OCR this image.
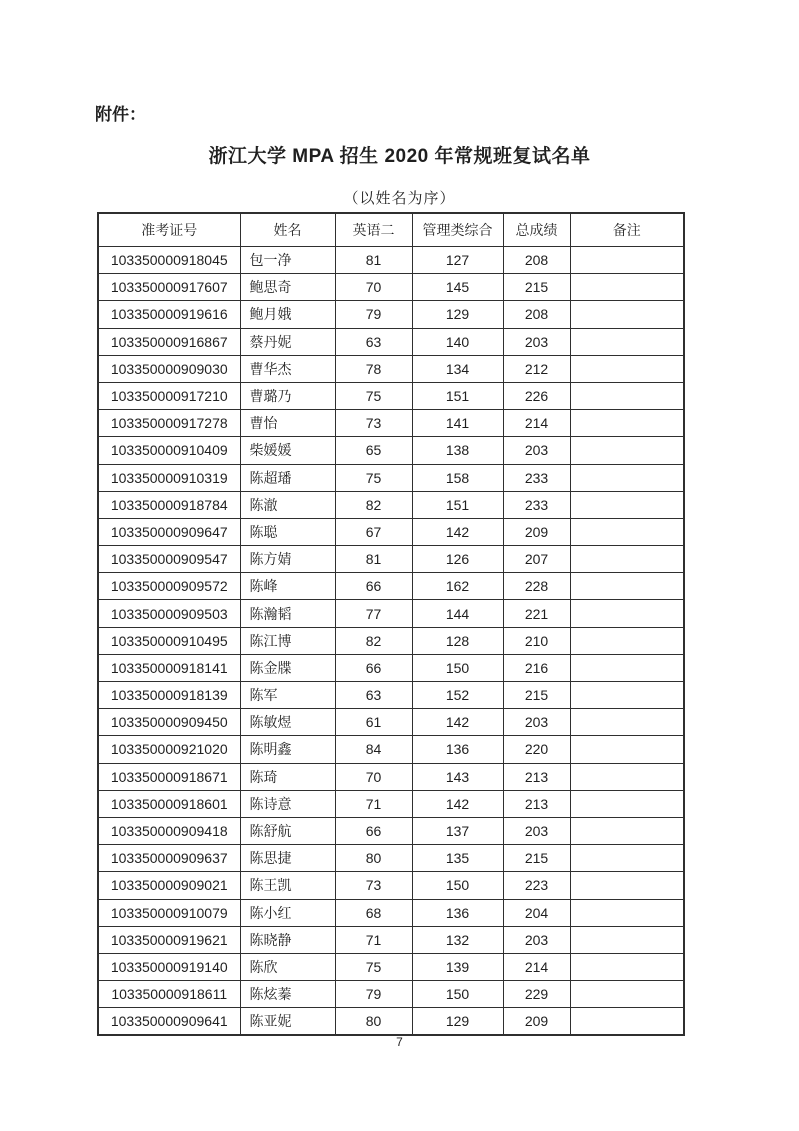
附件：
浙江大学 MPA 招生 2020 年常规班复试名单
（以姓名为序）
准考证号	姓名	英语二	管理类综合	总成绩	备注
103350000918045	包一净	81	127	208	
103350000917607	鲍思奇	70	145	215	
103350000919616	鲍月娥	79	129	208	
103350000916867	蔡丹妮	63	140	203	
103350000909030	曹华杰	78	134	212	
103350000917210	曹璐乃	75	151	226	
103350000917278	曹怡	73	141	214	
103350000910409	柴媛媛	65	138	203	
103350000910319	陈超璠	75	158	233	
103350000918784	陈澈	82	151	233	
103350000909647	陈聪	67	142	209	
103350000909547	陈方婧	81	126	207	
103350000909572	陈峰	66	162	228	
103350000909503	陈瀚韬	77	144	221	
103350000910495	陈江博	82	128	210	
103350000918141	陈金牒	66	150	216	
103350000918139	陈军	63	152	215	
103350000909450	陈敏煜	61	142	203	
103350000921020	陈明鑫	84	136	220	
103350000918671	陈琦	70	143	213	
103350000918601	陈诗意	71	142	213	
103350000909418	陈舒航	66	137	203	
103350000909637	陈思捷	80	135	215	
103350000909021	陈王凯	73	150	223	
103350000910079	陈小红	68	136	204	
103350000919621	陈晓静	71	132	203	
103350000919140	陈欣	75	139	214	
103350000918611	陈炫蓁	79	150	229	
103350000909641	陈亚妮	80	129	209	
7
